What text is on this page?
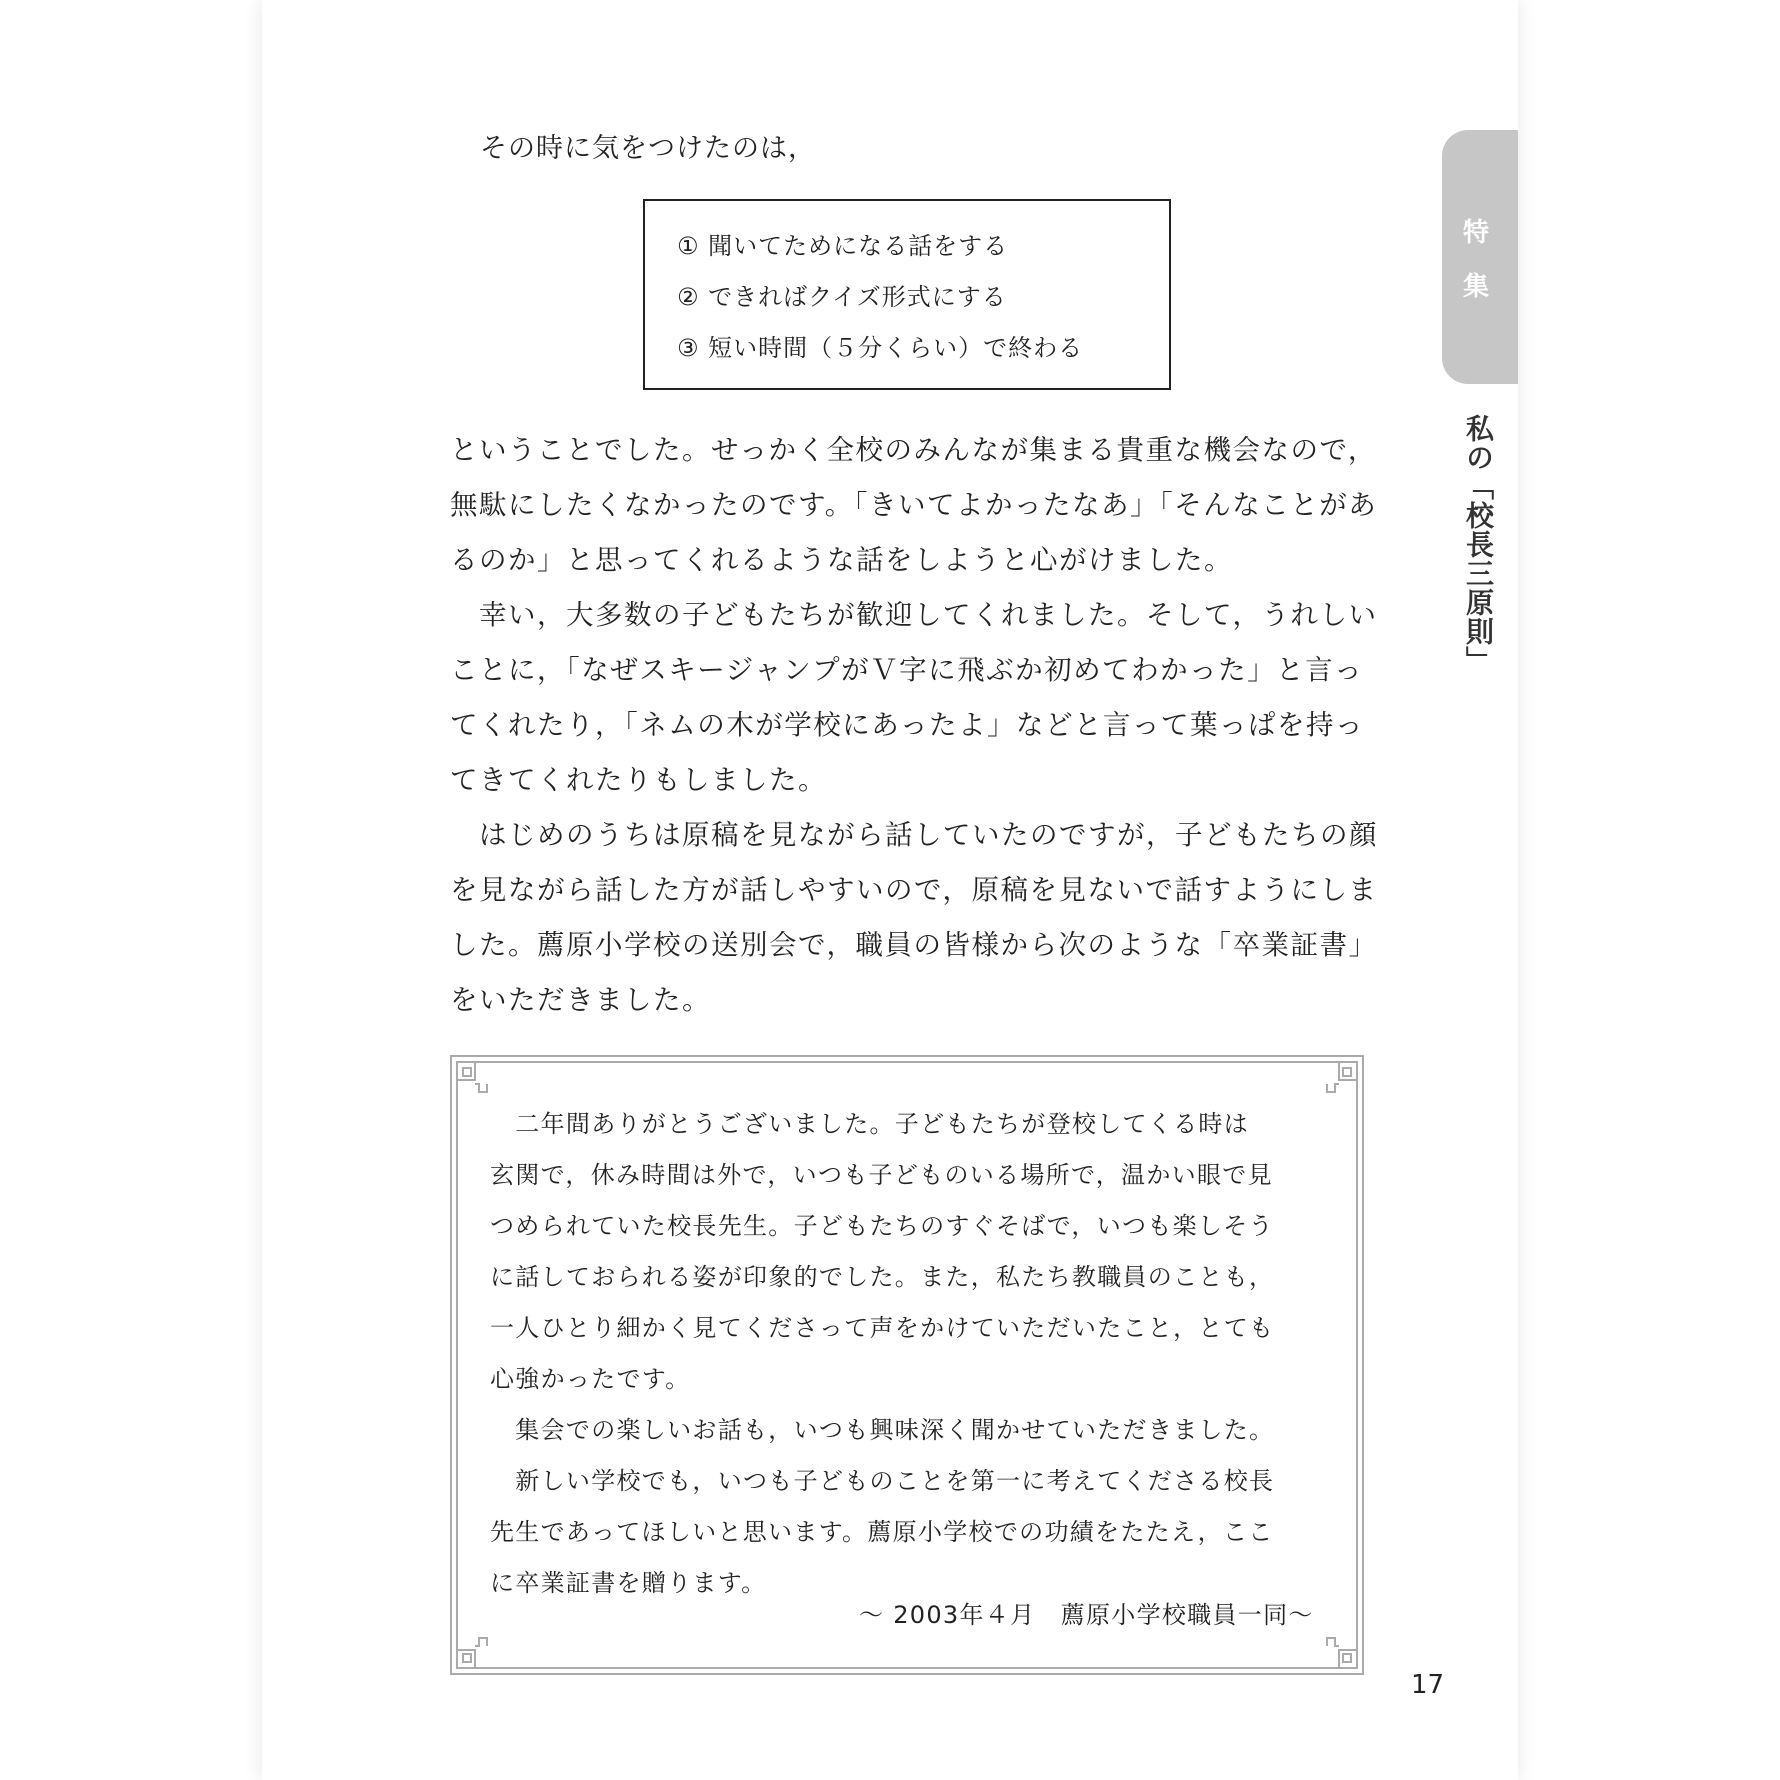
その時に気をつけたのは，
① 聞いてためになる話をする
② できればクイズ形式にする
③ 短い時間（５分くらい）で終わる
ということでした。せっかく全校のみんなが集まる貴重な機会なので，
無駄にしたくなかったのです。「きいてよかったなあ」「そんなことがあ
るのか」と思ってくれるような話をしようと心がけました。
　幸い，大多数の子どもたちが歓迎してくれました。そして，うれしい
ことに，「なぜスキージャンプがＶ字に飛ぶか初めてわかった」と言っ
てくれたり，「ネムの木が学校にあったよ」などと言って葉っぱを持っ
てきてくれたりもしました。
　はじめのうちは原稿を見ながら話していたのですが，子どもたちの顔
を見ながら話した方が話しやすいので，原稿を見ないで話すようにしま
した。薦原小学校の送別会で，職員の皆様から次のような「卒業証書」
をいただきました。
　二年間ありがとうございました。子どもたちが登校してくる時は
玄関で，休み時間は外で，いつも子どものいる場所で，温かい眼で見
つめられていた校長先生。子どもたちのすぐそばで，いつも楽しそう
に話しておられる姿が印象的でした。また，私たち教職員のことも，
一人ひとり細かく見てくださって声をかけていただいたこと，とても
心強かったです。
　集会での楽しいお話も，いつも興味深く聞かせていただきました。
　新しい学校でも，いつも子どものことを第一に考えてくださる校長
先生であってほしいと思います。薦原小学校での功績をたたえ，ここ
に卒業証書を贈ります。
～ 2003年４月　薦原小学校職員一同～
特
集
私の「校長三原則」
17
